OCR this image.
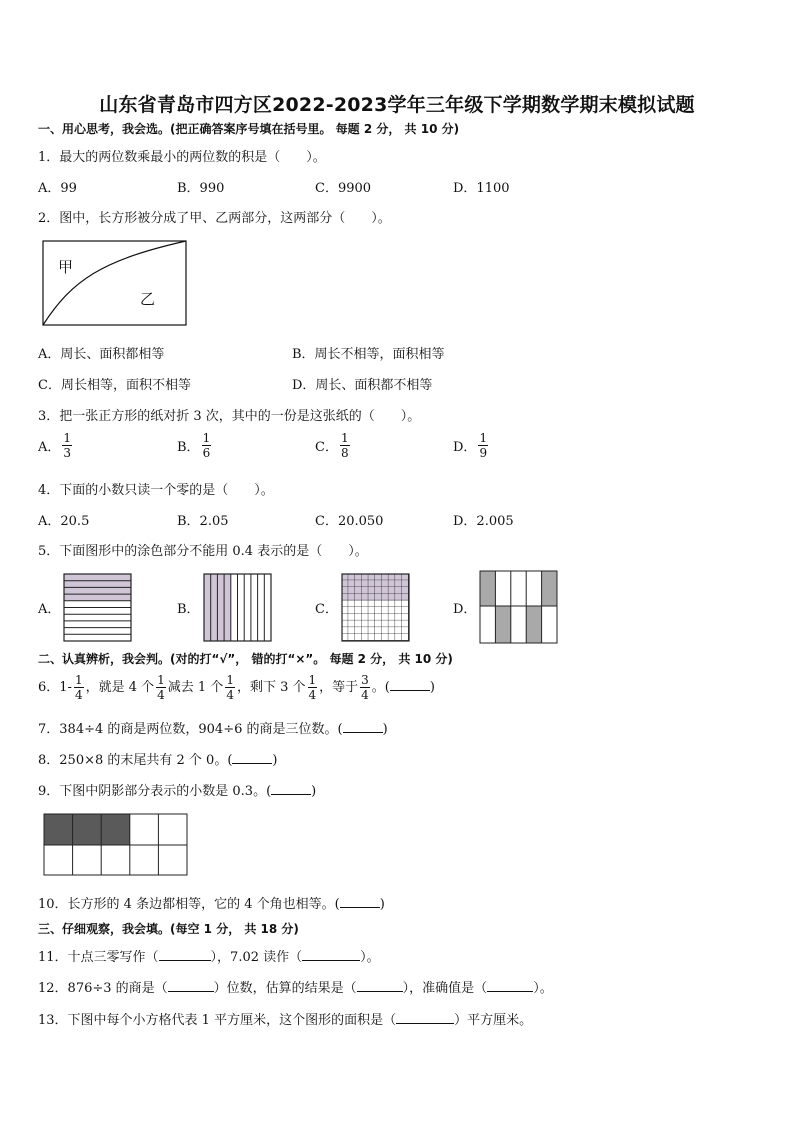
山东省青岛市四方区2022-2023学年三年级下学期数学期末模拟试题
一、用心思考，我会选。(把正确答案序号填在括号里。 每题 2 分， 共 10 分)
1．最大的两位数乘最小的两位数的积是（　　）。
A．99	B．990	C．9900	D．1100
2．图中，长方形被分成了甲、乙两部分，这两部分（　　）。
甲
乙
A．周长、面积都相等	B．周长不相等，面积相等
C．周长相等，面积不相等	D．周长、面积都不相等
3．把一张正方形的纸对折 3 次，其中的一份是这张纸的（　　）。
A． $\frac{1}{3}$	B． $\frac{1}{6}$	C． $\frac{1}{8}$	D． $\frac{1}{9}$
4．下面的小数只读一个零的是（　　）。
A．20.5	B．2.05	C．20.050	D．2.005
5．下面图形中的涂色部分不能用 0.4 表示的是（　　）。
A．	B．	C．	D．
二、认真辨析，我会判。(对的打“√”， 错的打“×”。 每题 2 分， 共 10 分)
6．$1- \frac{1}{4}$ ，就是 4 个 $\frac{1}{4}$ 减去 1 个 $\frac{1}{4}$ ，剩下 3 个 $\frac{1}{4}$ ，等于 $\frac{3}{4}$ 。(	)
7．384÷4 的商是两位数，904÷6 的商是三位数。(	)
8．250×8 的末尾共有 2 个 0。(	)
9．下图中阴影部分表示的小数是 0.3。(	)
10．长方形的 4 条边都相等，它的 4 个角也相等。(	)
三、仔细观察，我会填。(每空 1 分， 共 18 分)
11．十点三零写作（	），7.02 读作（	）。
12．876÷3 的商是（	）位数，估算的结果是（	），准确值是（	）。
13．下图中每个小方格代表 1 平方厘米，这个图形的面积是（	）平方厘米。
